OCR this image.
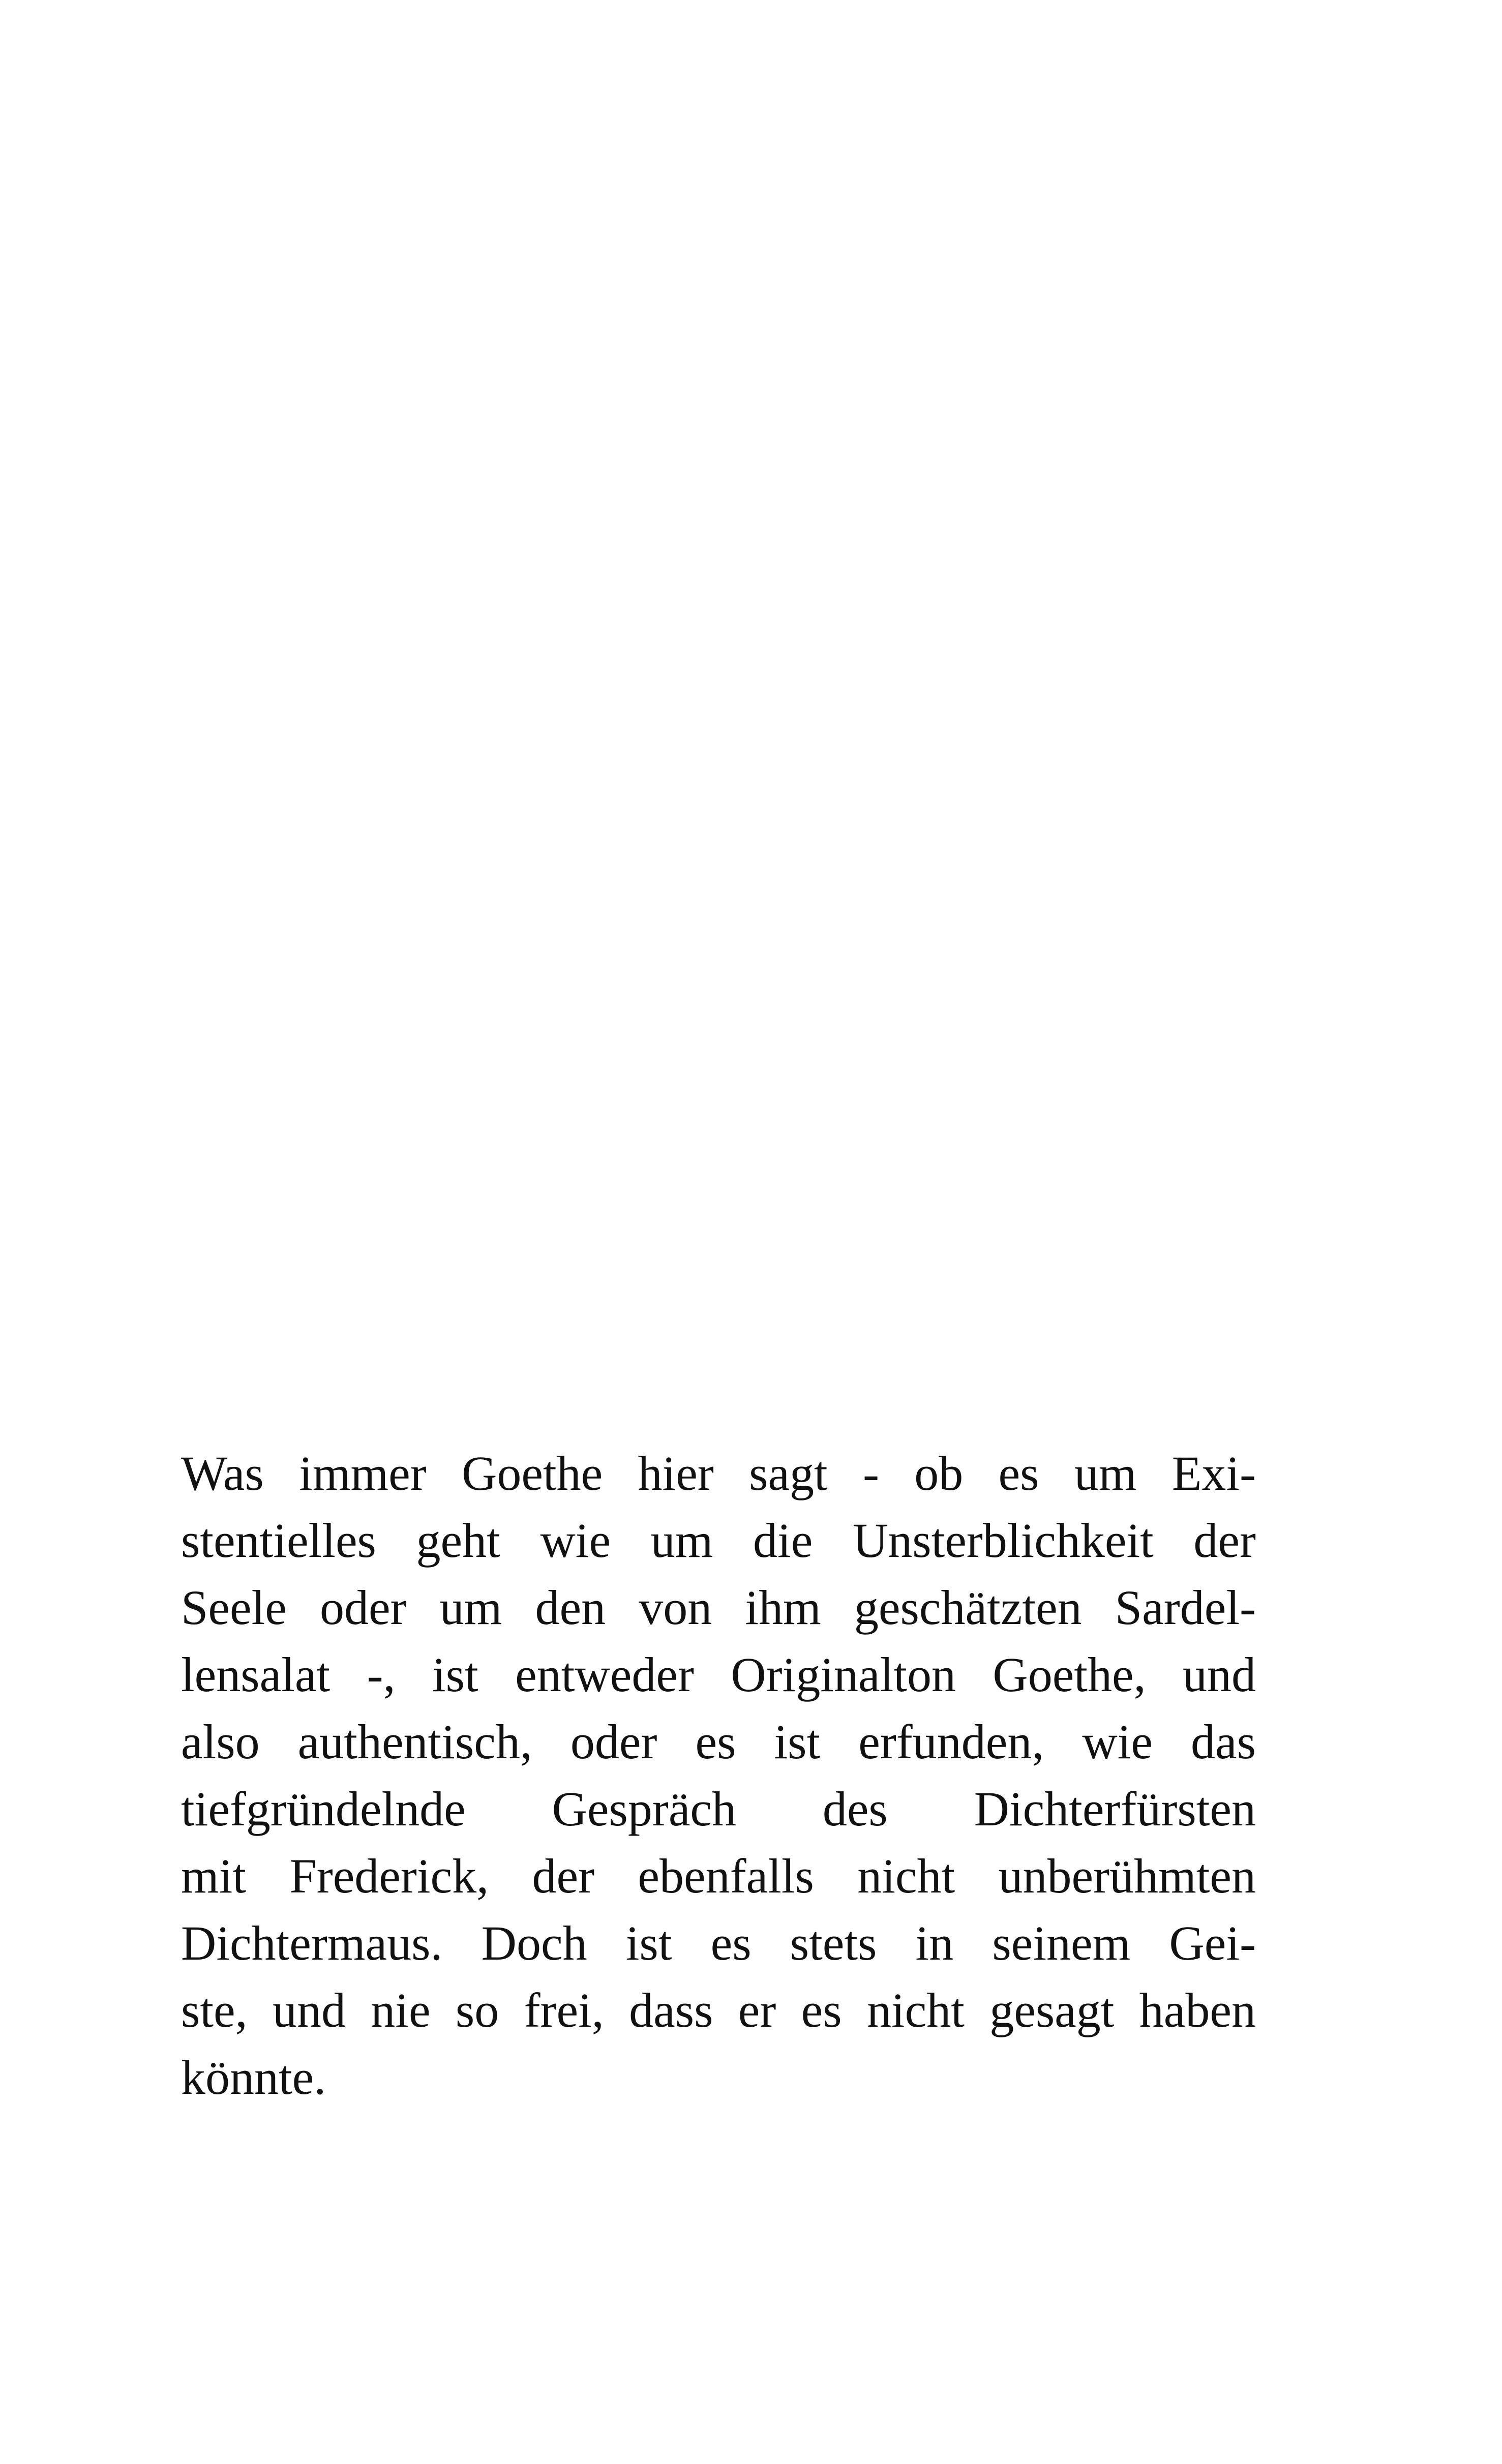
Was immer Goethe hier sagt - ob es um Exi-
stentielles geht wie um die Unsterblichkeit der
Seele oder um den von ihm geschätzten Sardel-
lensalat -, ist entweder Originalton Goethe, und
also authentisch, oder es ist erfunden, wie das
tiefgründelnde Gespräch des Dichterfürsten
mit Frederick, der ebenfalls nicht unberühmten
Dichtermaus. Doch ist es stets in seinem Gei-
ste, und nie so frei, dass er es nicht gesagt haben
könnte.
